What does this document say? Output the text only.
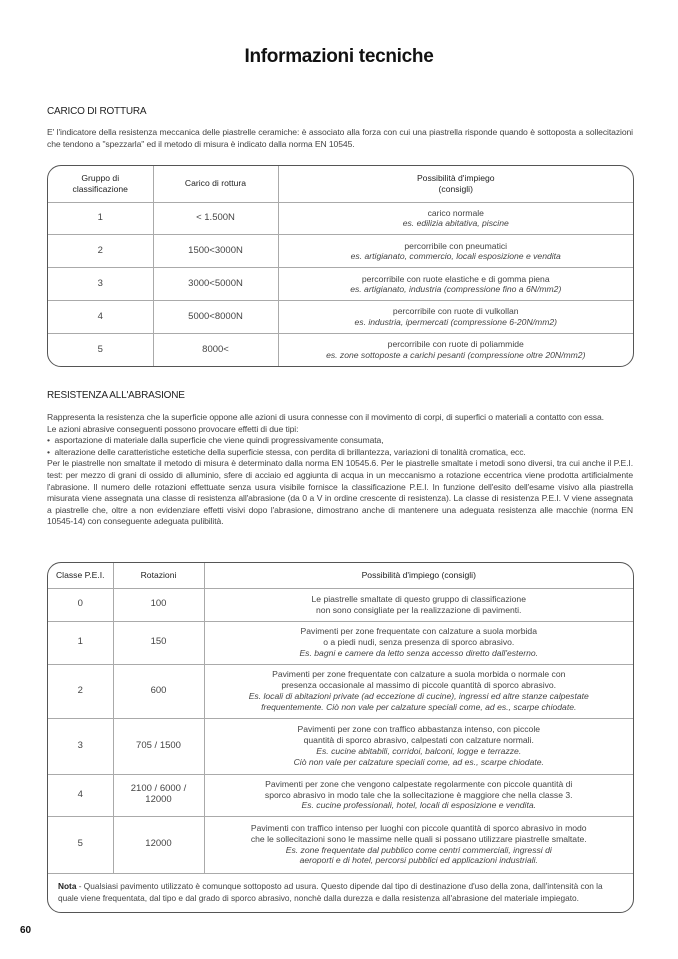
Informazioni tecniche
CARICO DI ROTTURA

E' l'indicatore della resistenza meccanica delle piastrelle ceramiche: è associato alla forza con cui una piastrella risponde quando è sottoposta a sollecitazioni che tendono a "spezzarla" ed il metodo di misura è indicato dalla norma EN 10545.

Gruppo di
classificazione	Carico di rottura	Possibilità d'impiego
(consigli)

1	< 1.500N	carico normale
es. edilizia abitativa, piscine

2	1500<3000N	percorribile con pneumatici
es. artigianato, commercio, locali esposizione e vendita

3	3000<5000N	percorribile con ruote elastiche e di gomma piena
es. artigianato, industria (compressione fino a 6N/mm2)

4	5000<8000N	percorribile con ruote di vulkollan
es. industria, ipermercati (compressione 6-20N/mm2)

5	8000<	percorribile con ruote di poliammide
es. zone sottoposte a carichi pesanti (compressione oltre 20N/mm2)
RESISTENZA ALL'ABRASIONE

Rappresenta la resistenza che la superficie oppone alle azioni di usura connesse con il movimento di corpi, di superfici o materiali a contatto con essa.

Le azioni abrasive conseguenti possono provocare effetti di due tipi:

•  asportazione di materiale dalla superficie che viene quindi progressivamente consumata,

•  alterazione delle caratteristiche estetiche della superficie stessa, con perdita di brillantezza, variazioni di tonalità cromatica, ecc.

Per le piastrelle non smaltate il metodo di misura è determinato dalla norma EN 10545.6. Per le piastrelle smaltate i metodi sono diversi, tra cui anche il P.E.I. test: per mezzo di grani di ossido di alluminio, sfere di acciaio ed aggiunta di acqua in un meccanismo a rotazione eccentrica viene prodotta artificialmente l'abrasione. Il numero delle rotazioni effettuate senza usura visibile fornisce la classificazione P.E.I. In funzione dell'esito dell'esame visivo alla piastrella misurata viene assegnata una classe di resistenza all'abrasione (da 0 a V in ordine crescente di resistenza). La classe di resistenza P.E.I. V viene assegnata a piastrelle che, oltre a non evidenziare effetti visivi dopo l'abrasione, dimostrano anche di mantenere una adeguata resistenza alle macchie (norma EN 10545-14) con conseguente adeguata pulibilità.

Classe P.E.I.	Rotazioni	Possibilità d'impiego (consigli)
0	100	Le piastrelle smaltate di questo gruppo di classificazione
non sono consigliate per la realizzazione di pavimenti.

1	150	Pavimenti per zone frequentate con calzature a suola morbida
o a piedi nudi, senza presenza di sporco abrasivo.
Es. bagni e camere da letto senza accesso diretto dall'esterno.

2	600	Pavimenti per zone frequentate con calzature a suola morbida o normale con
presenza occasionale al massimo di piccole quantità di sporco abrasivo.
Es. locali di abitazioni private (ad eccezione di cucine), ingressi ed altre stanze calpestate
frequentemente. Ciò non vale per calzature speciali come, ad es., scarpe chiodate.

3	705 / 1500	Pavimenti per zone con traffico abbastanza intenso, con piccole
quantità di sporco abrasivo, calpestati con calzature normali.
Es. cucine abitabili, corridoi, balconi, logge e terrazze.
Ciò non vale per calzature speciali come, ad es., scarpe chiodate.

4	2100 / 6000 / 12000	Pavimenti per zone che vengono calpestate regolarmente con piccole quantità di
sporco abrasivo in modo tale che la sollecitazione è maggiore che nella classe 3.
Es. cucine professionali, hotel, locali di esposizione e vendita.

5	12000	Pavimenti con traffico intenso per luoghi con piccole quantità di sporco abrasivo in modo
che le sollecitazioni sono le massime nelle quali si possano utilizzare piastrelle smaltate.
Es. zone frequentate dal pubblico come centri commerciali, ingressi di
aeroporti e di hotel, percorsi pubblici ed applicazioni industriali.

Nota - Qualsiasi pavimento utilizzato è comunque sottoposto ad usura. Questo dipende dal tipo di destinazione d'uso della zona, dall'intensità con la quale viene frequentata, dal tipo e dal grado di sporco abrasivo, nonchè dalla durezza e dalla resistenza all'abrasione del materiale impiegato.		
60
